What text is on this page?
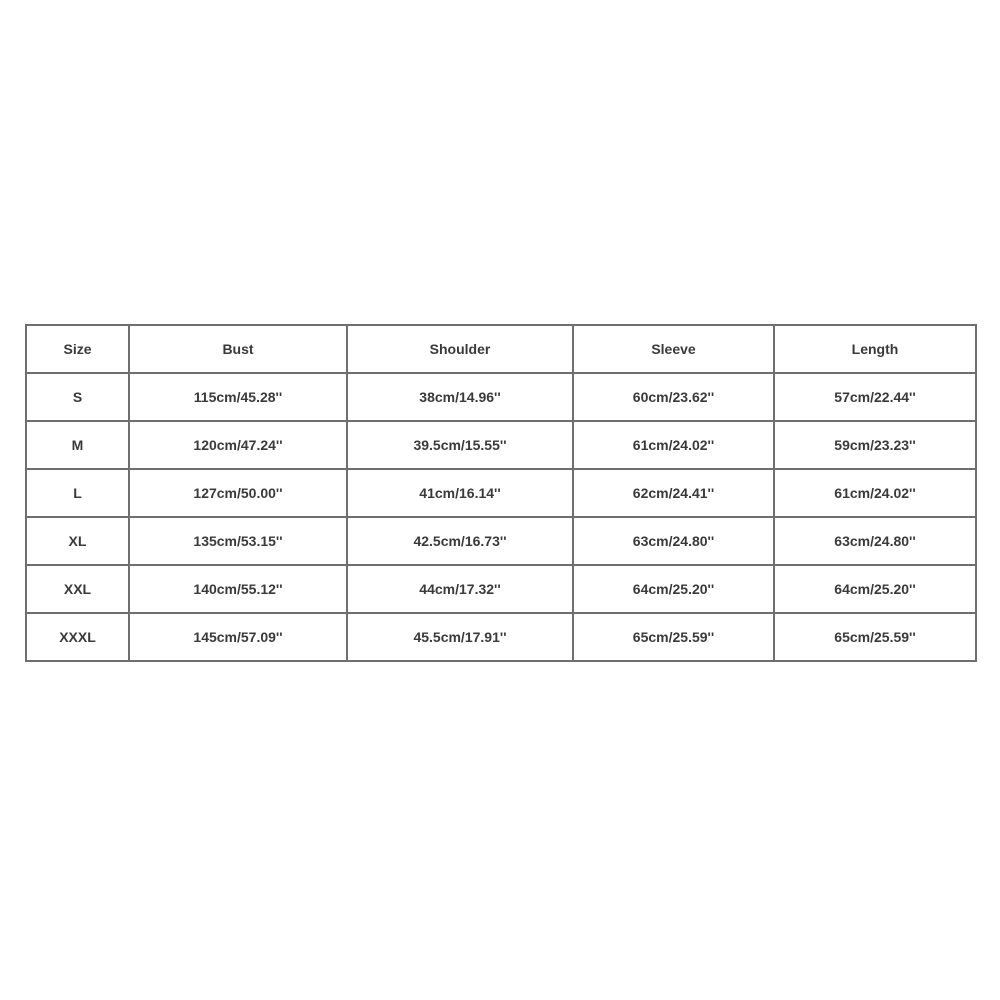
Size	Bust	Shoulder	Sleeve	Length
S	115cm/45.28''	38cm/14.96''	60cm/23.62''	57cm/22.44''
M	120cm/47.24''	39.5cm/15.55''	61cm/24.02''	59cm/23.23''
L	127cm/50.00''	41cm/16.14''	62cm/24.41''	61cm/24.02''
XL	135cm/53.15''	42.5cm/16.73''	63cm/24.80''	63cm/24.80''
XXL	140cm/55.12''	44cm/17.32''	64cm/25.20''	64cm/25.20''
XXXL	145cm/57.09''	45.5cm/17.91''	65cm/25.59''	65cm/25.59''
